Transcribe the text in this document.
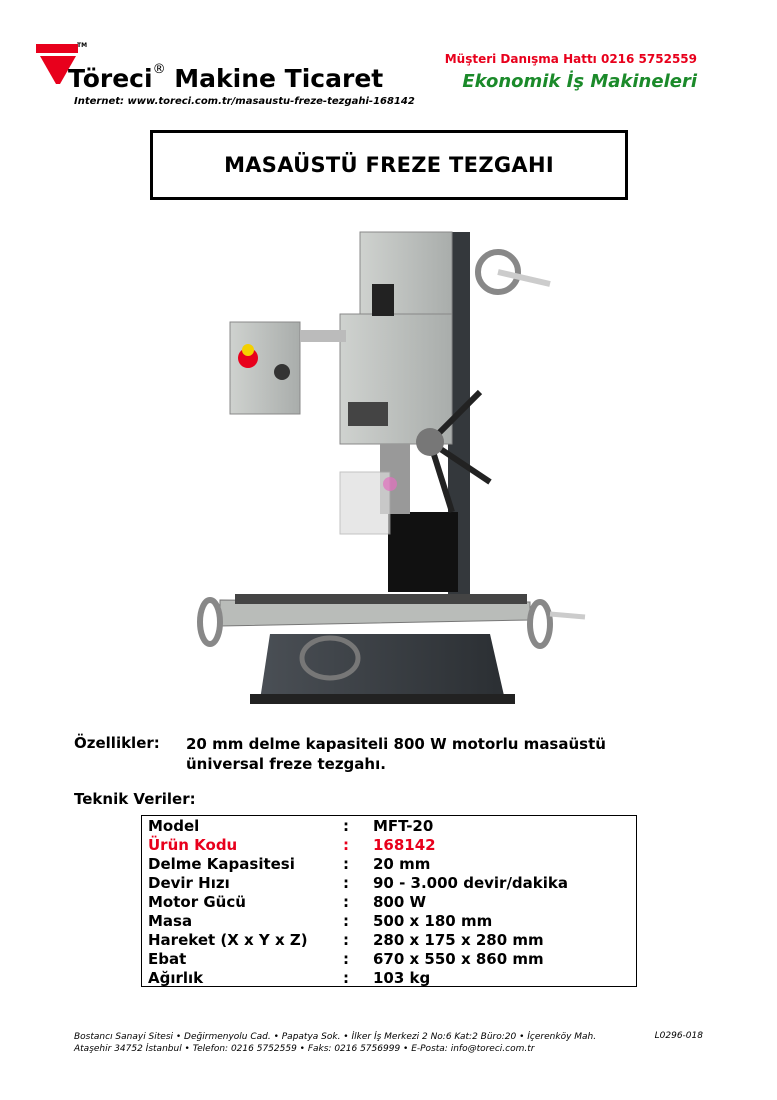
TM
Töreci® Makine Ticaret
Internet: www.toreci.com.tr/masaustu-freze-tezgahi-168142
Müşteri Danışma Hattı 0216 5752559
Ekonomik İş Makineleri
MASAÜSTÜ FREZE TEZGAHI
Özellikler: 20 mm delme kapasiteli 800 W motorlu masaüstü
üniversal freze tezgahı.
Teknik Veriler:
Model	: MFT-20
Ürün Kodu	: 168142
Delme Kapasitesi	: 20 mm
Devir Hızı	: 90 - 3.000 devir/dakika
Motor Gücü	: 800 W
Masa	: 500 x 180 mm
Hareket (X x Y x Z) : 280 x 175 x 280 mm
Ebat	: 670 x 550 x 860 mm
Ağırlık	: 103 kg
Bostancı Sanayi Sitesi • Değirmenyolu Cad. • Papatya Sok. • İlker İş Merkezi 2 No:6 Kat:2 Büro:20 • İçerenköy Mah.
Ataşehir 34752 İstanbul • Telefon: 0216 5752559 • Faks: 0216 5756999 • E-Posta: info@toreci.com.tr
L0296-018
